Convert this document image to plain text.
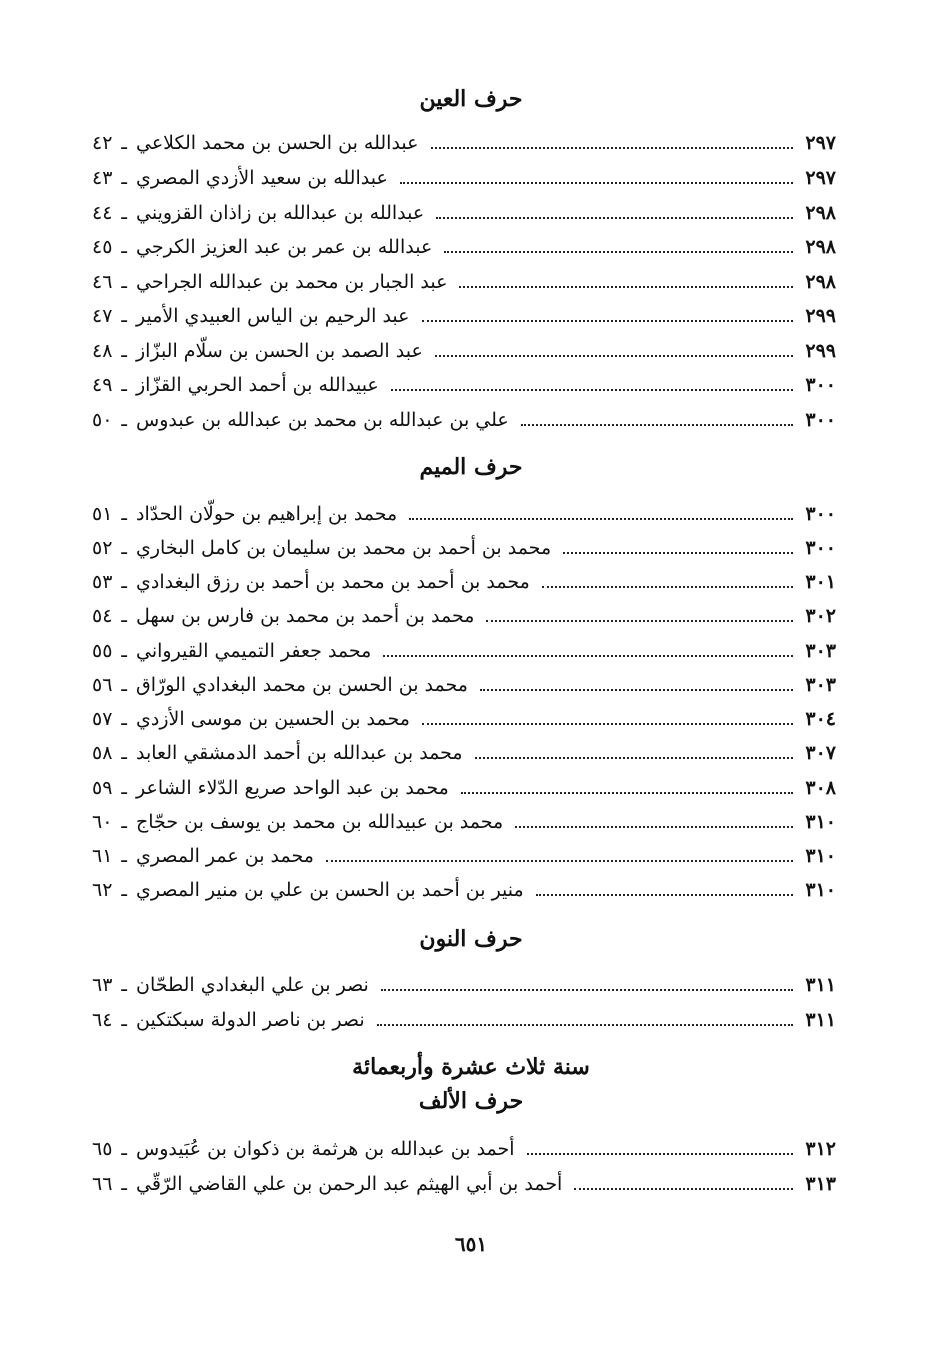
حرف العين
٤٢ ـ عبدالله بن الحسن بن محمد الكلاعي	٢٩٧
٤٣ ـ عبدالله بن سعيد الأزدي المصري	٢٩٧
٤٤ ـ عبدالله بن عبدالله بن زاذان القزويني	٢٩٨
٤٥ ـ عبدالله بن عمر بن عبد العزيز الكرجي	٢٩٨
٤٦ ـ عبد الجبار بن محمد بن عبدالله الجراحي	٢٩٨
٤٧ ـ عبد الرحيم بن الياس العبيدي الأمير	٢٩٩
٤٨ ـ عبد الصمد بن الحسن بن سلّام البزّاز	٢٩٩
٤٩ ـ عبيدالله بن أحمد الحربي القزّاز	٣٠٠
٥٠ ـ علي بن عبدالله بن محمد بن عبدالله بن عبدوس	٣٠٠
حرف الميم
٥١ ـ محمد بن إبراهيم بن حولّان الحدّاد	٣٠٠
٥٢ ـ محمد بن أحمد بن محمد بن سليمان بن كامل البخاري	٣٠٠
٥٣ ـ محمد بن أحمد بن محمد بن أحمد بن رزق البغدادي	٣٠١
٥٤ ـ محمد بن أحمد بن محمد بن فارس بن سهل	٣٠٢
٥٥ ـ محمد جعفر التميمي القيرواني	٣٠٣
٥٦ ـ محمد بن الحسن بن محمد البغدادي الورّاق	٣٠٣
٥٧ ـ محمد بن الحسين بن موسى الأزدي	٣٠٤
٥٨ ـ محمد بن عبدالله بن أحمد الدمشقي العابد	٣٠٧
٥٩ ـ محمد بن عبد الواحد صريع الدّلاء الشاعر	٣٠٨
٦٠ ـ محمد بن عبيدالله بن محمد بن يوسف بن حجّاج	٣١٠
٦١ ـ محمد بن عمر المصري	٣١٠
٦٢ ـ منير بن أحمد بن الحسن بن علي بن منير المصري	٣١٠
حرف النون
٦٣ ـ نصر بن علي البغدادي الطحّان	٣١١
٦٤ ـ نصر بن ناصر الدولة سبكتكين	٣١١
سنة ثلاث عشرة وأربعمائة
حرف الألف
٦٥ ـ أحمد بن عبدالله بن هرثمة بن ذكوان بن عُبَيدوس	٣١٢
٦٦ ـ أحمد بن أبي الهيثم عبد الرحمن بن علي القاضي الرّقّي	٣١٣
٦٥١
